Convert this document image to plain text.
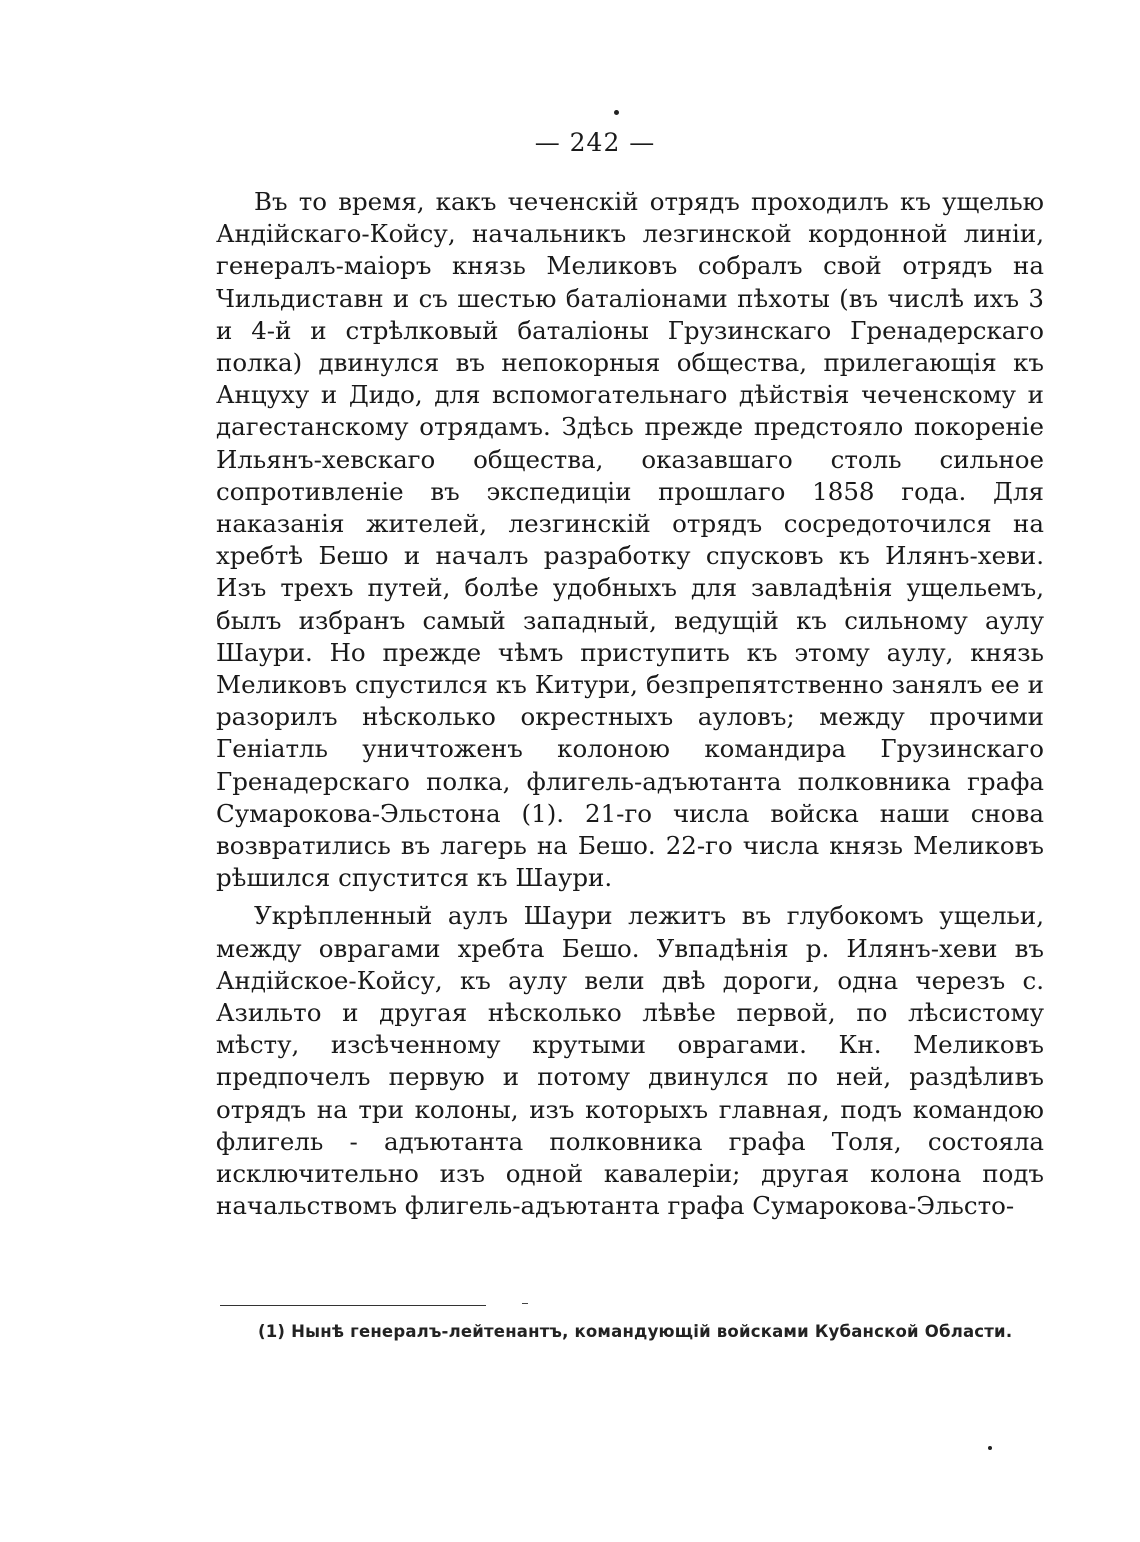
— 242 —

Въ то время, какъ чеченскій отрядъ проходилъ къ ущелью Андійскаго-Койсу, начальникъ лезгинской кордонной линіи, генералъ-маіоръ князь Меликовъ собралъ свой отрядъ на Чильдиставн и съ шестью баталіонами пѣхоты (въ числѣ ихъ 3 и 4-й и стрѣлковый баталіоны Грузинскаго Гренадерскаго полка) двинулся въ непокорныя общества, прилегающія къ Анцуху и Дидо, для вспомогательнаго дѣйствія чеченскому и дагестанскому отрядамъ. Здѣсь прежде предстояло покореніе Ильянъ-хевскаго общества, оказавшаго столь сильное сопротивленіе въ экспедиціи прошлаго 1858 года. Для наказанія жителей, лезгинскій отрядъ сосредоточился на хребтѣ Бешо и началъ разработку спусковъ къ Илянъ-хеви. Изъ трехъ путей, болѣе удобныхъ для завладѣнія ущельемъ, былъ избранъ самый западный, ведущій къ сильному аулу Шаури. Но прежде чѣмъ приступить къ этому аулу, князь Меликовъ спустился къ Китури, безпрепятственно занялъ ее и разорилъ нѣсколько окрестныхъ ауловъ; между прочими Геніатль уничтоженъ колоною командира Грузинскаго Гренадерскаго полка, флигель-адъютанта полковника графа Сумарокова-Эльстона (1). 21-го числа войска наши снова возвратились въ лагерь на Бешо. 22-го числа князь Меликовъ рѣшился спустится къ Шаури.

Укрѣпленный аулъ Шаури лежитъ въ глубокомъ ущельи, между оврагами хребта Бешо. Увпадѣнія р. Илянъ-хеви въ Андійское-Койсу, къ аулу вели двѣ дороги, одна черезъ с. Азильто и другая нѣсколько лѣвѣе первой, по лѣсистому мѣсту, изсѣченному крутыми оврагами. Кн. Меликовъ предпочелъ первую и потому двинулся по ней, раздѣливъ отрядъ на три колоны, изъ которыхъ главная, подъ командою флигель - адъютанта полковника графа Толя, состояла исключительно изъ одной кавалеріи; другая колона подъ начальствомъ флигель-адъютанта графа Сумарокова-Эльсто-

(1) Нынѣ генералъ-лейтенантъ, командующій войсками Кубанской Области.
